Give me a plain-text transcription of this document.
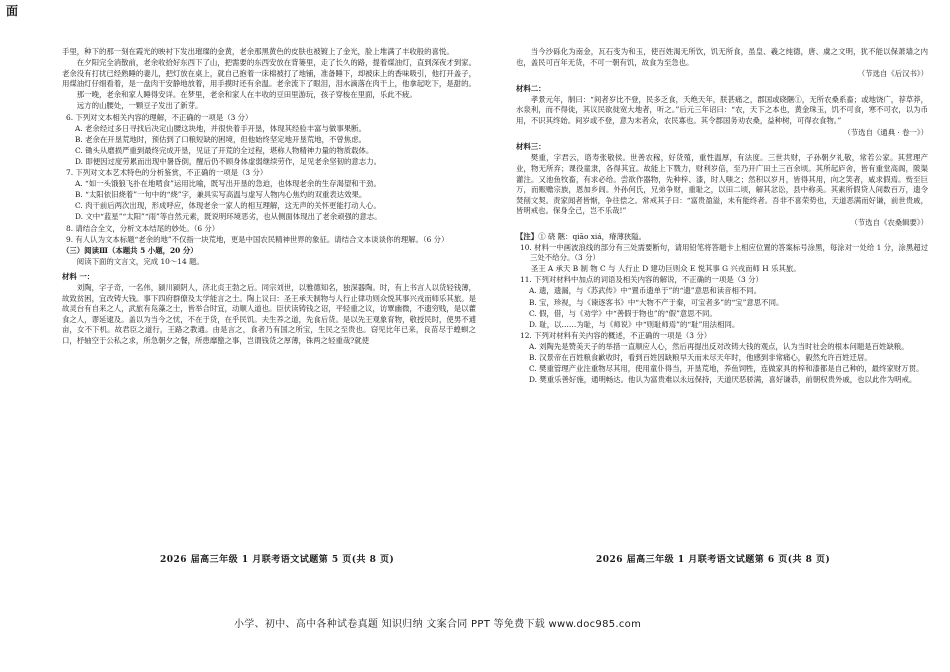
面
手里，种下的那一刻在霞光的映衬下发出璀璨的金黄，老余那黑黄色的皮肤也被镀上了金光，脸上堆满了丰收般的喜悦。
在夕阳完全消散前，老余收拾好东西下了山，把需要的东西安放在背篓里，走了长久的路，提着煤油灯，直到深夜才到家。老余没有打扰已经熟睡的妻儿，把灯放在桌上，就自己抱着一床棉被打了地铺，准备睡下，却被床上的香味吸引，他打开盖子，用煤油灯仔细看着，是一盘肉干安静地放着，用手摸时还有余温。老余流下了眼泪，泪水滴落在肉干上，他拿起吃下，是甜的。
那一晚，老余和家人睡得安详。在梦里，老余和家人在丰收的豆田里游玩，孩子穿梭在里面，乐此不疲。
远方的山腰处，一颗豆子发出了新芽。
6. 下列对文本相关内容的理解，不正确的一项是（3 分）
A. 老余经过多日寻找后决定山腰这块地，并很快着手开垦，体现其经验丰富与做事果断。
B. 老余在开垦荒地时，预估到了口粮短缺的困境，但他始终坚定地开垦荒地，不曾焦虑。
C. 锄头从磨损严重到最终完成开垦，见证了开荒的全过程，堪称人物精神力量的物质载体。
D. 即便因过度劳累而出现中暑昏倒，醒后仍不顾身体虚弱继续劳作，足见老余坚韧的意志力。
7. 下列对文本艺术特色的分析鉴赏，不正确的一项是（3 分）
A. “如一头饿狼飞扑在地啃食”运用比喻，既写出开垦的急迫，也体现老余的生存渴望和干劲。
B. “太阳依旧烧着”一句中的“烧”字，兼具实写高温与虚写人物内心焦灼的双重表达效果。
C. 肉干前后两次出现，形成呼应，体现老余一家人的相互理解，这无声的关怀更能打动人心。
D. 文中“蓝星”“太阳”“雨”等自然元素，既说明环境恶劣，也从侧面体现出了老余顽强的意志。
8. 请结合全文，分析文本结尾的妙处。（6 分）
9. 有人认为文本标题“老余的地”不仅指一块荒地，更是中国农民精神世界的象征。请结合文本谈谈你的理解。（6 分）
（三）阅读Ⅲ（本题共 5 小题，20 分）
阅读下面的文言文，完成 10～14 题。
材料 一：
刘陶，字子奇，一名伟，颍川颍阴人，济北贞王勃之后。同宗刘世，以雅德知名，独深器陶。时，有上书言人以货轻钱薄，故致贫困，宜改铸大钱。事下四府群僚及太学能言之士。陶上议曰：圣王承天制物与人行止律功则众悦其事兴戎而师乐其旅。是故灵台有自来之人，武旅有凫藻之士，皆举合时宜，动顺人道也。臣伏读铸钱之诏，平轻重之议，访覃幽微，不遗穷贱，是以藿食之人，谬延逮及。盖以为当今之忧，不在于货，在乎民饥。夫生养之道，先食后货。是以先王观象育物，敬授民时，使男不逋亩，女不下机。故君臣之道行，王路之教通。由是言之，食者乃有国之所宝，生民之至贵也。窃见比年已来，良苗尽于蝗螟之口，杼轴空于公私之求，所急朝夕之餐，所患靡盬之事，岂谓钱货之厚薄，铢两之轻重哉?就使
当今沙砾化为南金，瓦石变为和玉，使百姓渴无所饮，饥无所食，虽皇、羲之纯德，唐、虞之文明，犹不能以保萧墙之内也，盖民可百年无货，不可一朝有饥，故食为至急也。
（节选自《后汉书》）
材料二：
孝景元年，制曰：“间者岁比不登，民多乏食，夭绝天年，朕甚痛之，郡国或硗陿①，无所农桑系畜；或地饶广，荐草莽，水泉利，而不得徙，其议民欲徙宽大地者，听之。”后元三年诏曰：“农，天下之本也，黄金珠玉，饥不可食，寒不可衣，以为币用，不识其终始。间岁或不登，意为末者众，农民寡也。其令郡国务劝农桑，益种树，可得衣食物。”
（节选自《通典 · 卷一》）
材料三：
樊重，字君云，谘寿张敬侯。世善农稼，好货殖，重性温厚，有法度。三世共财，子孙朝夕礼敬，常若公家。其营理产业，物无所弃；课役童隶，各得其宜。故能上下戮力，财利岁倍，至乃开广田土三百余顷。其所起庐舍，皆有重堂高阁，陂渠灌注。又池鱼牧畜，有求必给。尝欲作器物，先种梓、漆，时人嗤之；然积以岁月，皆得其用，向之笑者，咸求假焉。赀至巨万，而赈赡宗族，恩加乡闾。外孙何氏，兄弟争财，重耻之，以田二顷，解其忿讼，县中称美。其素所假贷人间数百万，遗令焚削文契。责家闻者皆惭，争往偿之。常戒其子曰：“富贵盈溢，未有能终者。吾非不喜荣势也，天道恶满而好谦，前世贵戚，皆明戒也。保身全己，岂不乐哉!”
（节选自《农桑辑要》）
【注】① 硗 陿：qiāo xiá，瘠薄狭隘。
10. 材料一中画波浪线的部分有三处需要断句，请用铅笔将答题卡上相应位置的答案标号涂黑，每涂对一处给 1 分，涂黑超过三处不给分。（3 分）
圣王 A 承天 B 制 物 C 与 人行止 D 建功巨则众 E 悦其事 G 兴戎而师 H 乐其旅。
11. 下列对材料中加点的词语及相关内容的解说，不正确的一项是（3 分）
A. 遗，遗漏，与《苏武传》中“置币遗单于”的“遗”意思和读音相不同。
B. 宝，珍视，与《谏逐客书》中“大物不产于秦，可宝者多”的“宝”意思不同。
C. 假，借，与《劝学》中“善假于物也”的“假”意思不同。
D. 耻，以……为耻，与《师说》中“则耻师焉”的“耻”用法相同。
12. 下列对材料有关内容的概述，不正确的一项是（3 分）
A. 刘陶先是赞美天子的举措一直顺应人心，然后再提出反对改铸大钱的观点，认为当时社会的根本问题是百姓缺粮。
B. 汉景帝在百姓粮食歉收时，看到百姓因缺粮早夭而未尽天年时，他感到非常痛心，毅然允许百姓迁居。
C. 樊重管理产业注重物尽其用，使用童仆得当，开垦荒地，养鱼饲牲，连做家具的梓和漆都是自己种的，最终家财万贯。
D. 樊重乐善好施，通明畅达。他认为富贵难以永远保持，天道厌恶骄满，喜好谦恭，前朝权贵外戚，也以此作为明戒。
2026 届高三年级 1 月联考语文试题第 5 页(共 8 页)	2026 届高三年级 1 月联考语文试题第 6 页(共 8 页)
小学、初中、高中各种试卷真题 知识归纳 文案合同 PPT 等免费下载 www.doc985.com
